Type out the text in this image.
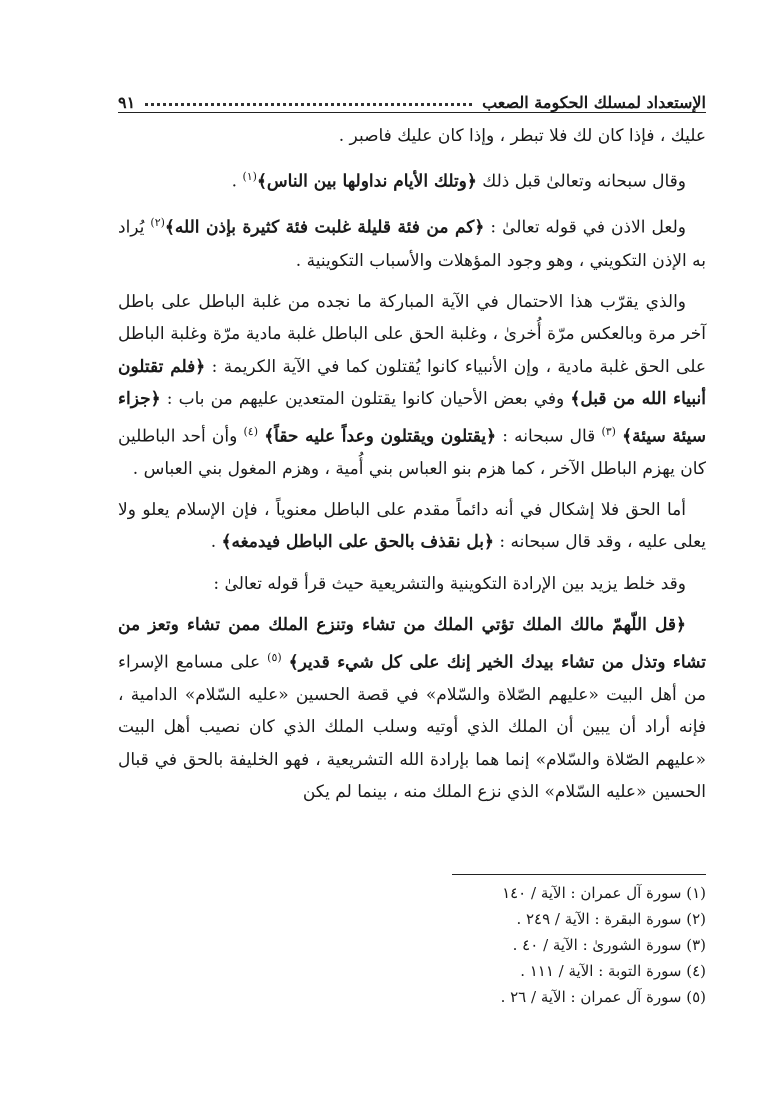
الإستعداد لمسلك الحكومة الصعب
٩١

عليك ، فإذا كان لك فلا تبطر ، وإذا كان عليك فاصبر .

وقال سبحانه وتعالىٰ قبل ذلك ﴿وتلك الأيام نداولها بين الناس﴾$^{(١)}$ .

ولعل الاذن في قوله تعالىٰ : ﴿كم من فئة قليلة غلبت فئة كثيرة بإذن الله﴾$^{(٢)}$ يُراد به الإذن التكويني ، وهو وجود المؤهلات والأسباب التكوينية .

والذي يقرّب هذا الاحتمال في الآية المباركة ما نجده من غلبة الباطل على باطل آخر مرة وبالعكس مرّة أُخرىٰ ، وغلبة الحق على الباطل غلبة مادية مرّة وغلبة الباطل على الحق غلبة مادية ، وإن الأنبياء كانوا يُقتلون كما في الآية الكريمة : ﴿فلم تقتلون أنبياء الله من قبل﴾ وفي بعض الأحيان كانوا يقتلون المتعدين عليهم من باب : ﴿جزاء سيئة سيئة﴾ $^{(٣)}$ قال سبحانه : ﴿يقتلون ويقتلون وعداً عليه حقاً﴾ $^{(٤)}$ وأن أحد الباطلين كان يهزم الباطل الآخر ، كما هزم بنو العباس بني أُمية ، وهزم المغول بني العباس .

أما الحق فلا إشكال في أنه دائماً مقدم على الباطل معنوياً ، فإن الإسلام يعلو ولا يعلى عليه ، وقد قال سبحانه : ﴿بل نقذف بالحق على الباطل فيدمغه﴾ .

وقد خلط يزيد بين الإرادة التكوينية والتشريعية حيث قرأ قوله تعالىٰ :

﴿قل اللّهمّ مالك الملك تؤتي الملك من تشاء وتنزع الملك ممن تشاء وتعز من تشاء وتذل من تشاء بيدك الخير إنك على كل شيء قدير﴾ $^{(٥)}$ على مسامع الإسراء من أهل البيت «عليهم الصّلاة والسّلام» في قصة الحسين «عليه السّلام» الدامية ، فإنه أراد أن يبين أن الملك الذي أوتيه وسلب الملك الذي كان نصيب أهل البيت «عليهم الصّلاة والسّلام» إنما هما بإرادة الله التشريعية ، فهو الخليفة بالحق في قبال الحسين «عليه السّلام» الذي نزع الملك منه ، بينما لم يكن

(١) سورة آل عمران : الآية / ١٤٠
(٢) سورة البقرة : الآية / ٢٤٩ .
(٣) سورة الشورىٰ : الآية / ٤٠ .
(٤) سورة التوبة : الآية / ١١١ .
(٥) سورة آل عمران : الآية / ٢٦ .
